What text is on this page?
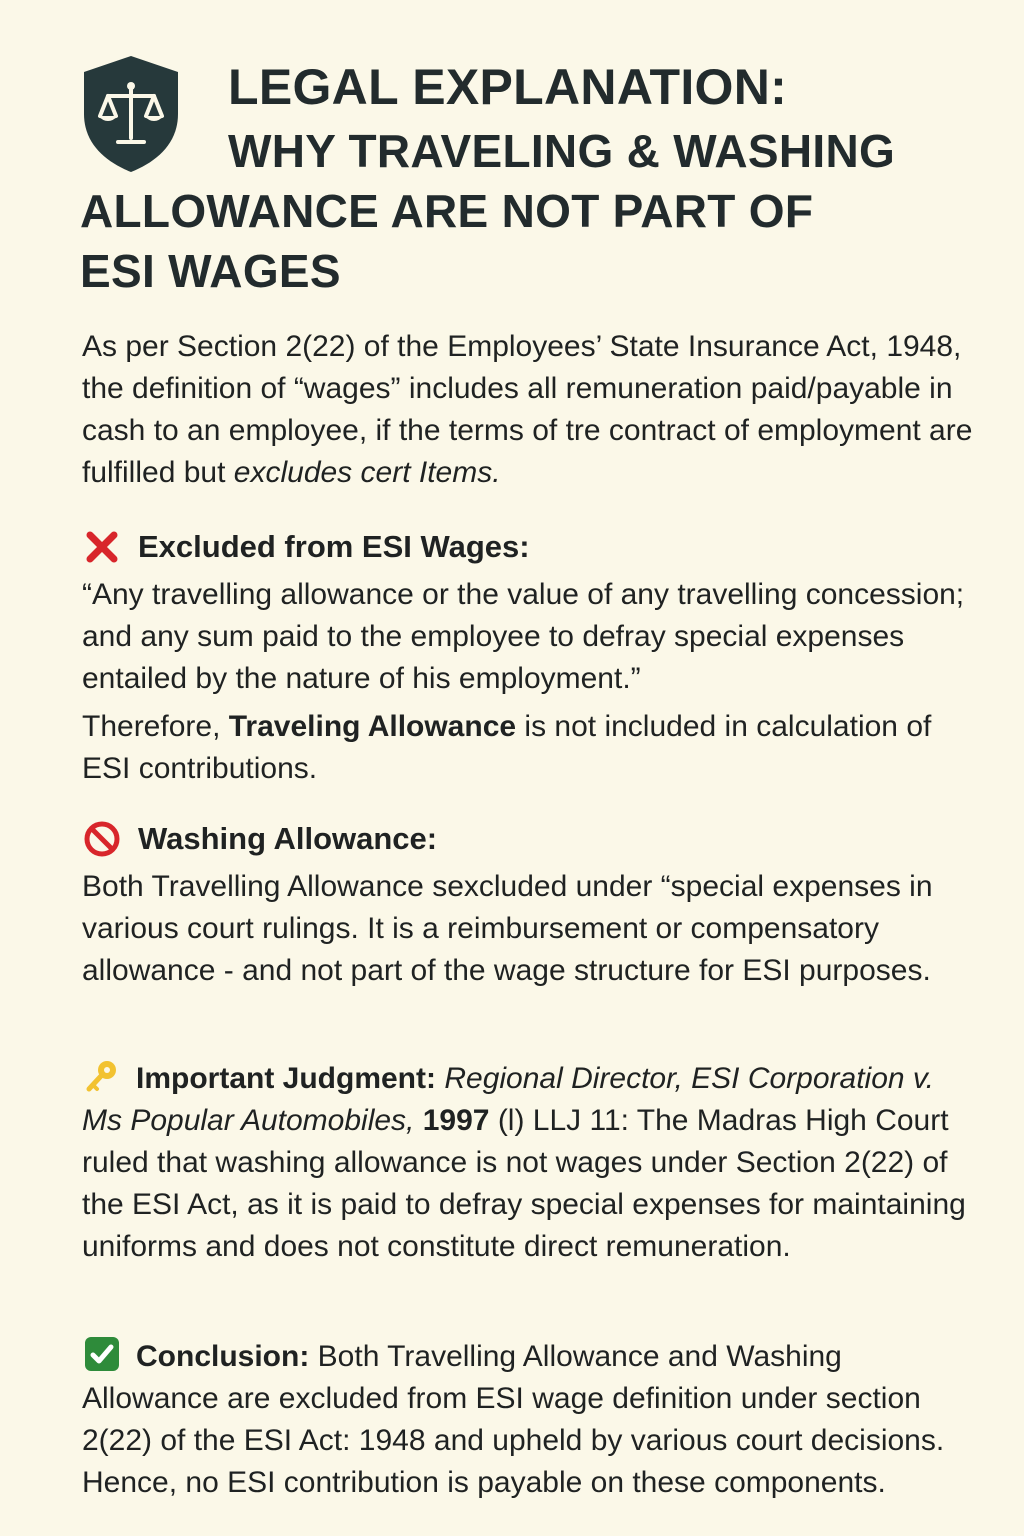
LEGAL EXPLANATION:
WHY TRAVELING & WASHING
ALLOWANCE ARE NOT PART OF
ESI WAGES

As per Section 2(22) of the Employees’ State Insurance Act, 1948, the definition of “wages” includes all remuneration paid/payable in cash to an employee, if the terms of tre contract of employment are fulfilled but excludes cert Items.

Excluded from ESI Wages:

“Any travelling allowance or the value of any travelling concession; and any sum paid to the employee to defray special expenses entailed by the nature of his employment.”

Therefore, Traveling Allowance is not included in calculation of ESI contributions.

Washing Allowance:

Both Travelling Allowance sexcluded under “special expenses in various court rulings. It is a reimbursement or compensatory allowance - and not part of the wage structure for ESI purposes.

Important Judgment: Regional Director, ESI Corporation v. Ms Popular Automobiles, 1997 (l) LLJ 11: The Madras High Court ruled that washing allowance is not wages under Section 2(22) of the ESI Act, as it is paid to defray special expenses for maintaining uniforms and does not constitute direct remuneration.

Conclusion: Both Travelling Allowance and Washing Allowance are excluded from ESI wage definition under section 2(22) of the ESI Act: 1948 and upheld by various court decisions. Hence, no ESI contribution is payable on these components.
